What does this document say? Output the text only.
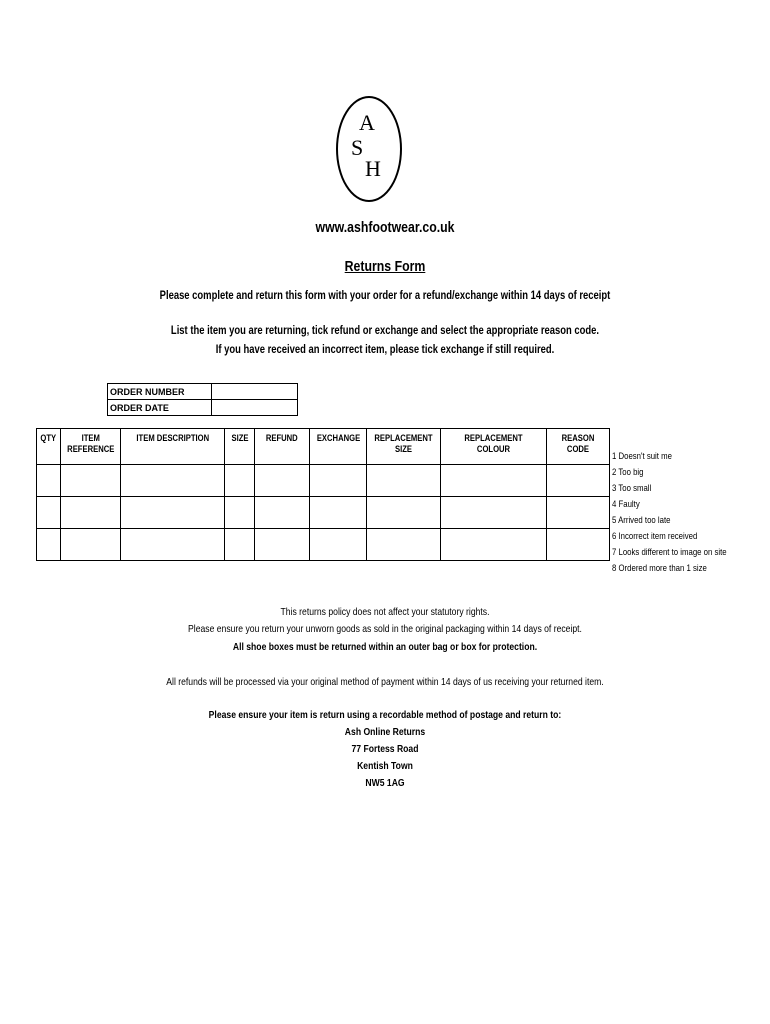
A
S
H
www.ashfootwear.co.uk
Returns Form
Please complete and return this form with your order for a refund/exchange within 14 days of receipt
List the item you are returning, tick refund or exchange and select the appropriate reason code.
If you have received an incorrect item, please tick exchange if still required.
ORDER NUMBER	
ORDER DATE	
QTY	ITEM REFERENCE	ITEM DESCRIPTION	SIZE	REFUND	EXCHANGE	REPLACEMENT SIZE	REPLACEMENT COLOUR	REASON CODE

1 Doesn't suit me
2 Too big
3 Too small
4 Faulty
5 Arrived too late
6 Incorrect item received
7 Looks different to image on site
8 Ordered more than 1 size
This returns policy does not affect your statutory rights.
Please ensure you return your unworn goods as sold in the original packaging within 14 days of receipt.
All shoe boxes must be returned within an outer bag or box for protection.
All refunds will be processed via your original method of payment within 14 days of us receiving your returned item.
Please ensure your item is return using a recordable method of postage and return to:
Ash Online Returns
77 Fortess Road
Kentish Town
NW5 1AG
